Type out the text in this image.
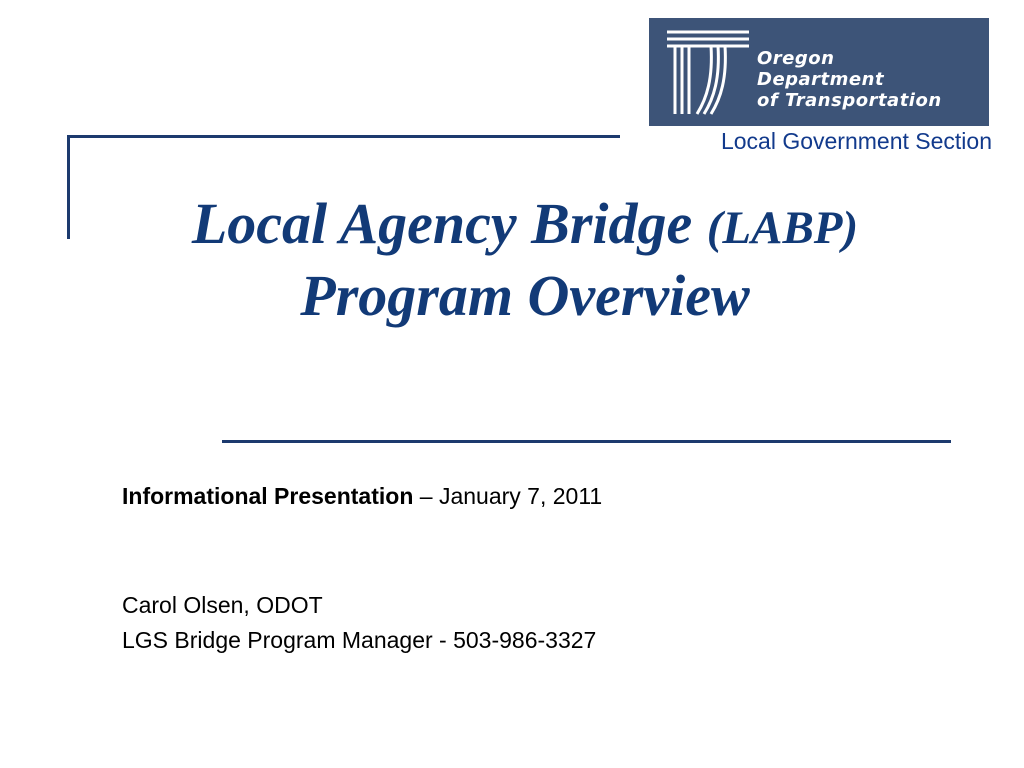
Oregon
Department
of Transportation
Local Government Section
Local Agency Bridge (LABP)
Program Overview
Informational Presentation – January 7, 2011
Carol Olsen, ODOT
LGS Bridge Program Manager - 503-986-3327
